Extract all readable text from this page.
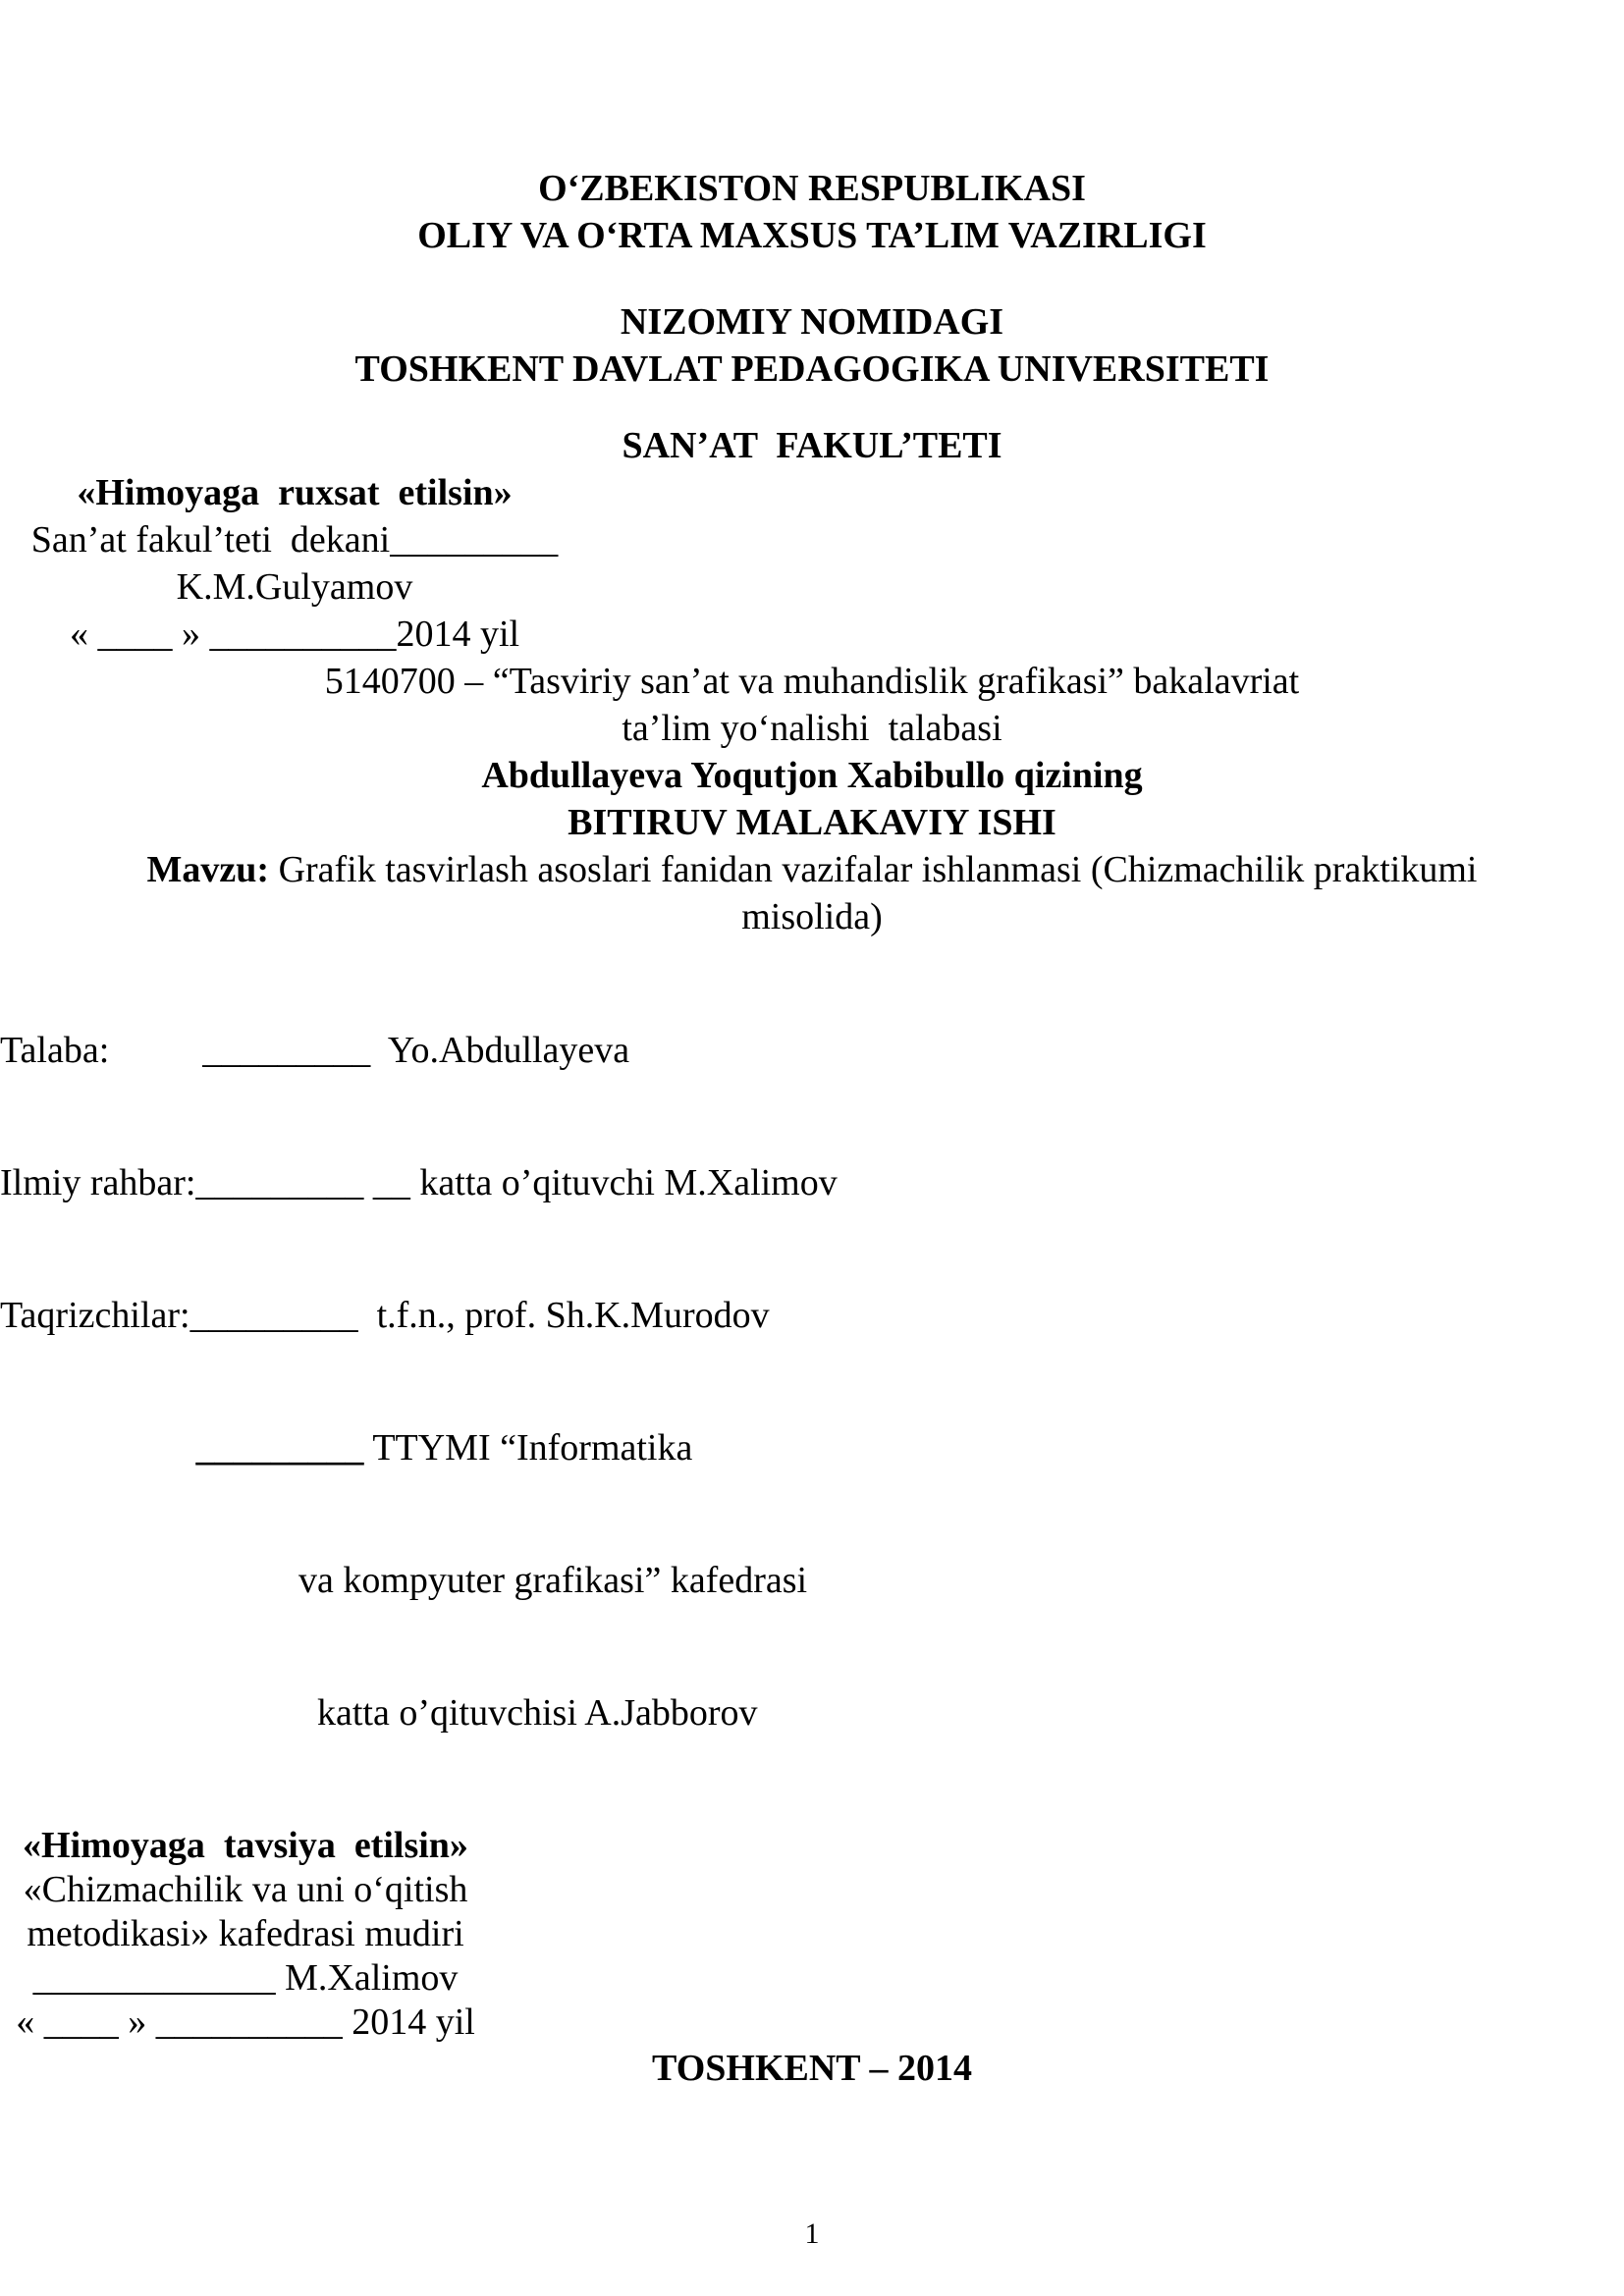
O‘ZBEKISTON RESPUBLIKASI

OLIY VA O‘RTA MAXSUS TA’LIM VAZIRLIGI

NIZOMIY NOMIDAGI

TOSHKENT DAVLAT PEDAGOGIKA UNIVERSITETI

SAN’AT  FAKUL’TETI

«Himoyaga  ruxsat  etilsin»

San’at fakul’teti  dekani_________

K.M.Gulyamov

« ____ » __________2014 yil

5140700 – “Tasviriy san’at va muhandislik grafikasi” bakalavriat

ta’lim yo‘nalishi  talabasi

Abdullayeva Yoqutjon Xabibullo qizining

BITIRUV MALAKAVIY ISHI

Mavzu: Grafik tasvirlash asoslari fanidan vazifalar ishlanmasi (Chizmachilik praktikumi

misolida)

Talaba:          _________  Yo.Abdullayeva

Ilmiy rahbar:_________ __ katta o’qituvchi M.Xalimov

Taqrizchilar:_________  t.f.n., prof. Sh.K.Murodov

_________ TTYMI “Informatika

va kompyuter grafikasi” kafedrasi

katta o’qituvchisi A.Jabborov

«Himoyaga  tavsiya  etilsin»

«Chizmachilik va uni o‘qitish

metodikasi» kafedrasi mudiri

_____________ M.Xalimov

« ____ » __________ 2014 yil

TOSHKENT – 2014

1
